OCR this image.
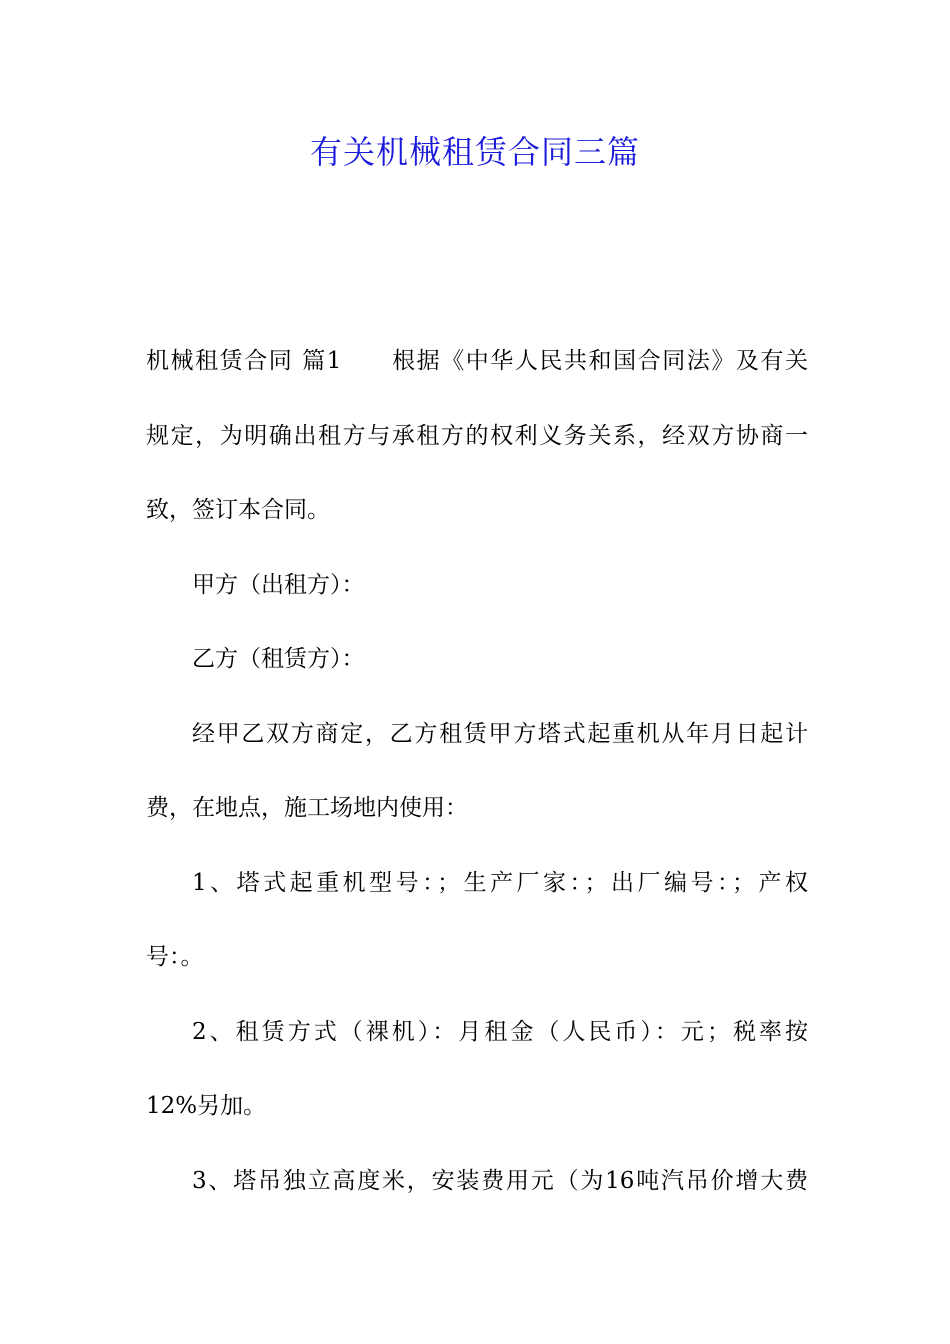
有关机械租赁合同三篇
机械租赁合同 篇1　　根据《中华人民共和国合同法》及有关
规定，为明确出租方与承租方的权利义务关系，经双方协商一
致，签订本合同。
甲方（出租方）：
乙方（租赁方）：
经甲乙双方商定，乙方租赁甲方塔式起重机从年月日起计
费，在地点，施工场地内使用：
1、塔式起重机型号：；生产厂家：；出厂编号：；产权
号：。
2、租赁方式（裸机）：月租金（人民币）：元；税率按
12%另加。
3、塔吊独立高度米，安装费用元（为16吨汽吊价增大费
